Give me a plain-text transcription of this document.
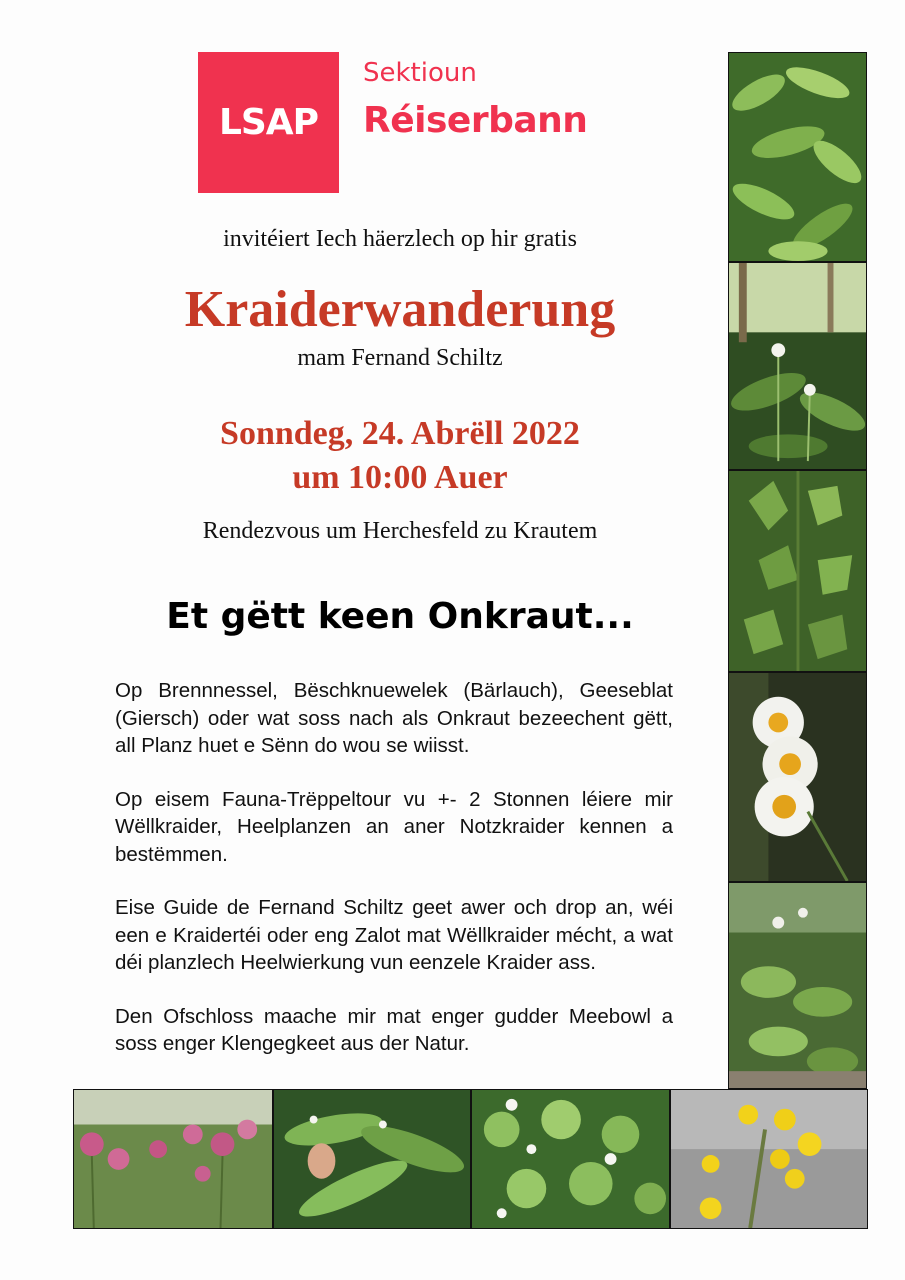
LSAP
Sektioun
Réiserbann
invitéiert Iech häerzlech op hir gratis
Kraiderwanderung
mam Fernand Schiltz
Sonndeg, 24. Abrëll 2022
um 10:00 Auer
Rendezvous um Herchesfeld zu Krautem
Et gëtt keen Onkraut...

Op Brennnessel, Bëschknuewelek (Bärlauch), Geeseblat (Giersch) oder wat soss nach als Onkraut bezeechent gëtt, all Planz huet e Sënn do wou se wiisst.

Op eisem Fauna-Trëppeltour vu +- 2 Stonnen léiere mir Wëllkraider, Heelplanzen an aner Notzkraider kennen a bestëmmen.

Eise Guide de Fernand Schiltz geet awer och drop an, wéi een e Kraidertéi oder eng Zalot mat Wëllkraider mécht, a wat déi planzlech Heelwierkung vun eenzele Kraider ass.

Den Ofschloss maache mir mat enger gudder Meebowl a soss enger Klengegkeet aus der Natur.
